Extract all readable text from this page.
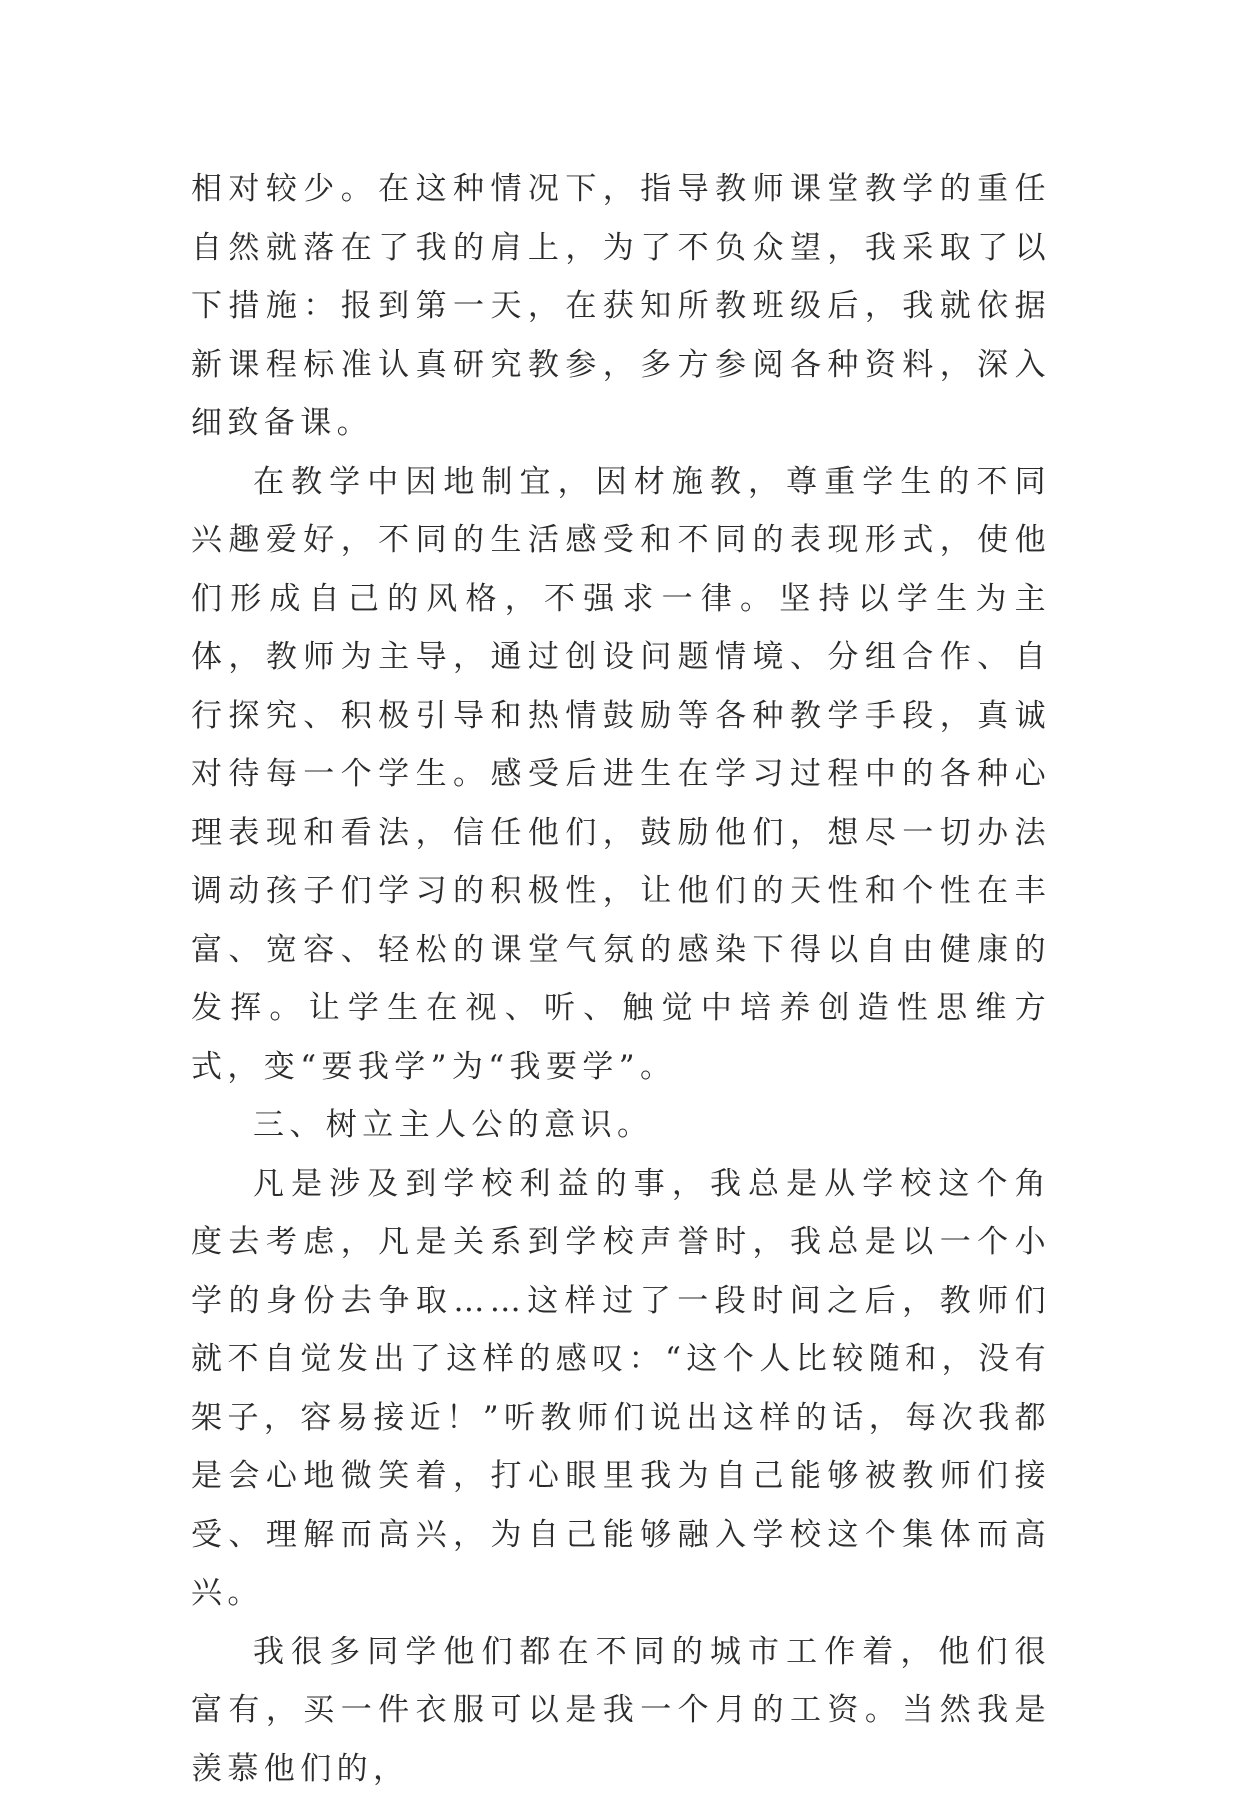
相对较少。在这种情况下，指导教师课堂教学的重任自然就落在了我的肩上，为了不负众望，我采取了以下措施：报到第一天，在获知所教班级后，我就依据新课程标准认真研究教参，多方参阅各种资料，深入细致备课。

在教学中因地制宜，因材施教，尊重学生的不同兴趣爱好，不同的生活感受和不同的表现形式，使他们形成自己的风格，不强求一律。坚持以学生为主体，教师为主导，通过创设问题情境、分组合作、自行探究、积极引导和热情鼓励等各种教学手段，真诚对待每一个学生。感受后进生在学习过程中的各种心理表现和看法，信任他们，鼓励他们，想尽一切办法调动孩子们学习的积极性，让他们的天性和个性在丰富、宽容、轻松的课堂气氛的感染下得以自由健康的发挥。让学生在视、听、触觉中培养创造性思维方式，变“要我学”为“我要学”。

三、树立主人公的意识。

凡是涉及到学校利益的事，我总是从学校这个角度去考虑，凡是关系到学校声誉时，我总是以一个小学的身份去争取……这样过了一段时间之后，教师们就不自觉发出了这样的感叹：“这个人比较随和，没有架子，容易接近！”听教师们说出这样的话，每次我都是会心地微笑着，打心眼里我为自己能够被教师们接受、理解而高兴，为自己能够融入学校这个集体而高兴。

我很多同学他们都在不同的城市工作着，他们很富有，买一件衣服可以是我一个月的工资。当然我是羡慕他们的，
